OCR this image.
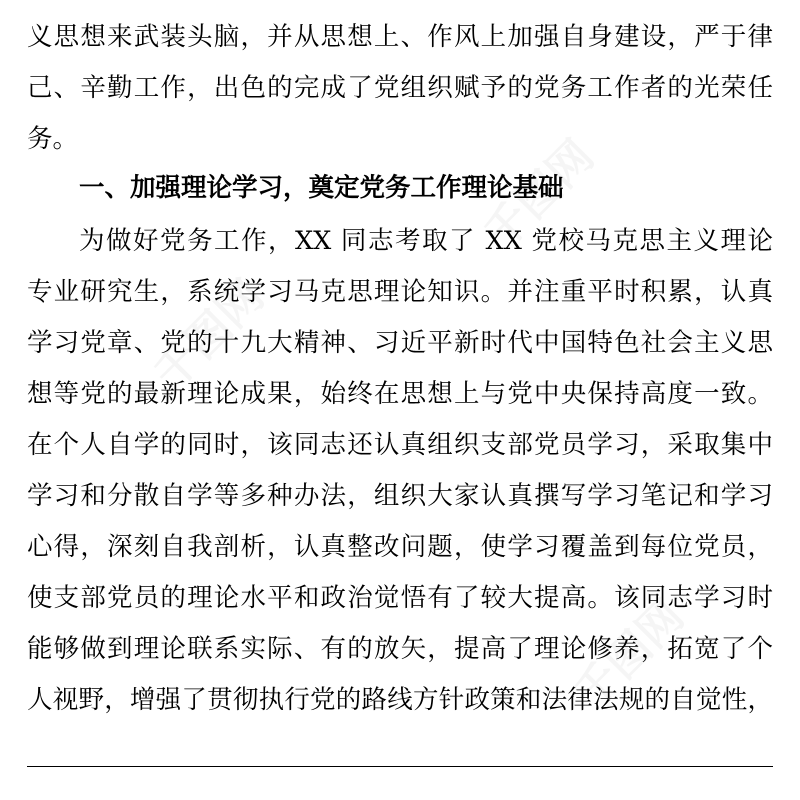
千图网
千图网
千图网
义思想来武装头脑，并从思想上、作风上加强自身建设，严于律
己、辛勤工作，出色的完成了党组织赋予的党务工作者的光荣任
务。
一、加强理论学习，奠定党务工作理论基础
为做好党务工作，XX 同志考取了 XX 党校马克思主义理论
专业研究生，系统学习马克思理论知识。并注重平时积累，认真
学习党章、党的十九大精神、习近平新时代中国特色社会主义思
想等党的最新理论成果，始终在思想上与党中央保持高度一致。
在个人自学的同时，该同志还认真组织支部党员学习，采取集中
学习和分散自学等多种办法，组织大家认真撰写学习笔记和学习
心得，深刻自我剖析，认真整改问题，使学习覆盖到每位党员，
使支部党员的理论水平和政治觉悟有了较大提高。该同志学习时
能够做到理论联系实际、有的放矢，提高了理论修养，拓宽了个
人视野，增强了贯彻执行党的路线方针政策和法律法规的自觉性，
